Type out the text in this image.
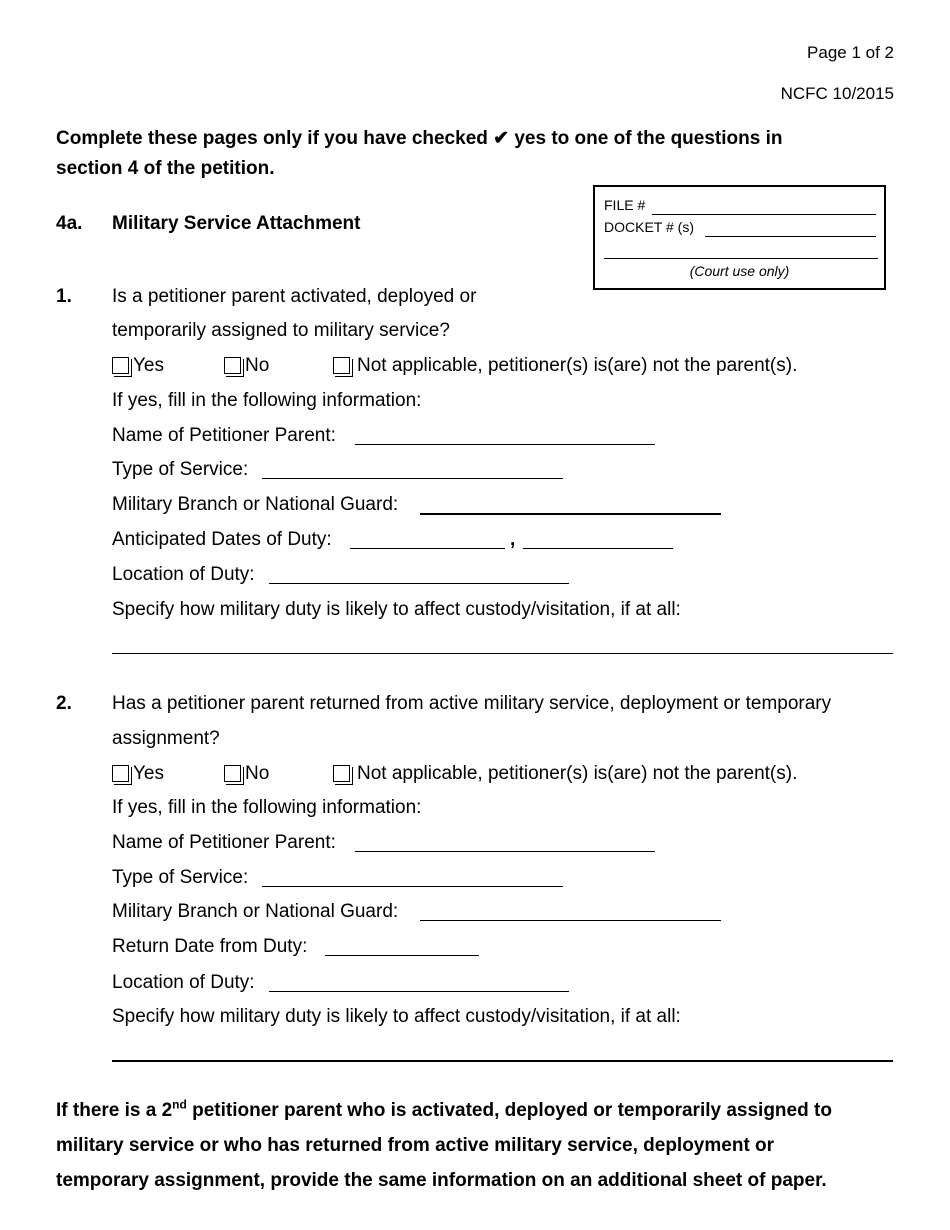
Page 1 of 2
NCFC 10/2015
Complete these pages only if you have checked ✔ yes to one of the questions in
section 4 of the petition.
FILE #
DOCKET # (s)
(Court use only)
4a. Military Service Attachment
1. Is a petitioner parent activated, deployed or
temporarily assigned to military service?
Yes	No	Not applicable, petitioner(s) is(are) not the parent(s).
If yes, fill in the following information:
Name of Petitioner Parent:
Type of Service:
Military Branch or National Guard:
Anticipated Dates of Duty:	,
Location of Duty:
Specify how military duty is likely to affect custody/visitation, if at all:
2. Has a petitioner parent returned from active military service, deployment or temporary
assignment?
Yes	No	Not applicable, petitioner(s) is(are) not the parent(s).
If yes, fill in the following information:
Name of Petitioner Parent:
Type of Service:
Military Branch or National Guard:
Return Date from Duty:
Location of Duty:
Specify how military duty is likely to affect custody/visitation, if at all:
If there is a 2nd petitioner parent who is activated, deployed or temporarily assigned to
military service or who has returned from active military service, deployment or
temporary assignment, provide the same information on an additional sheet of paper.
